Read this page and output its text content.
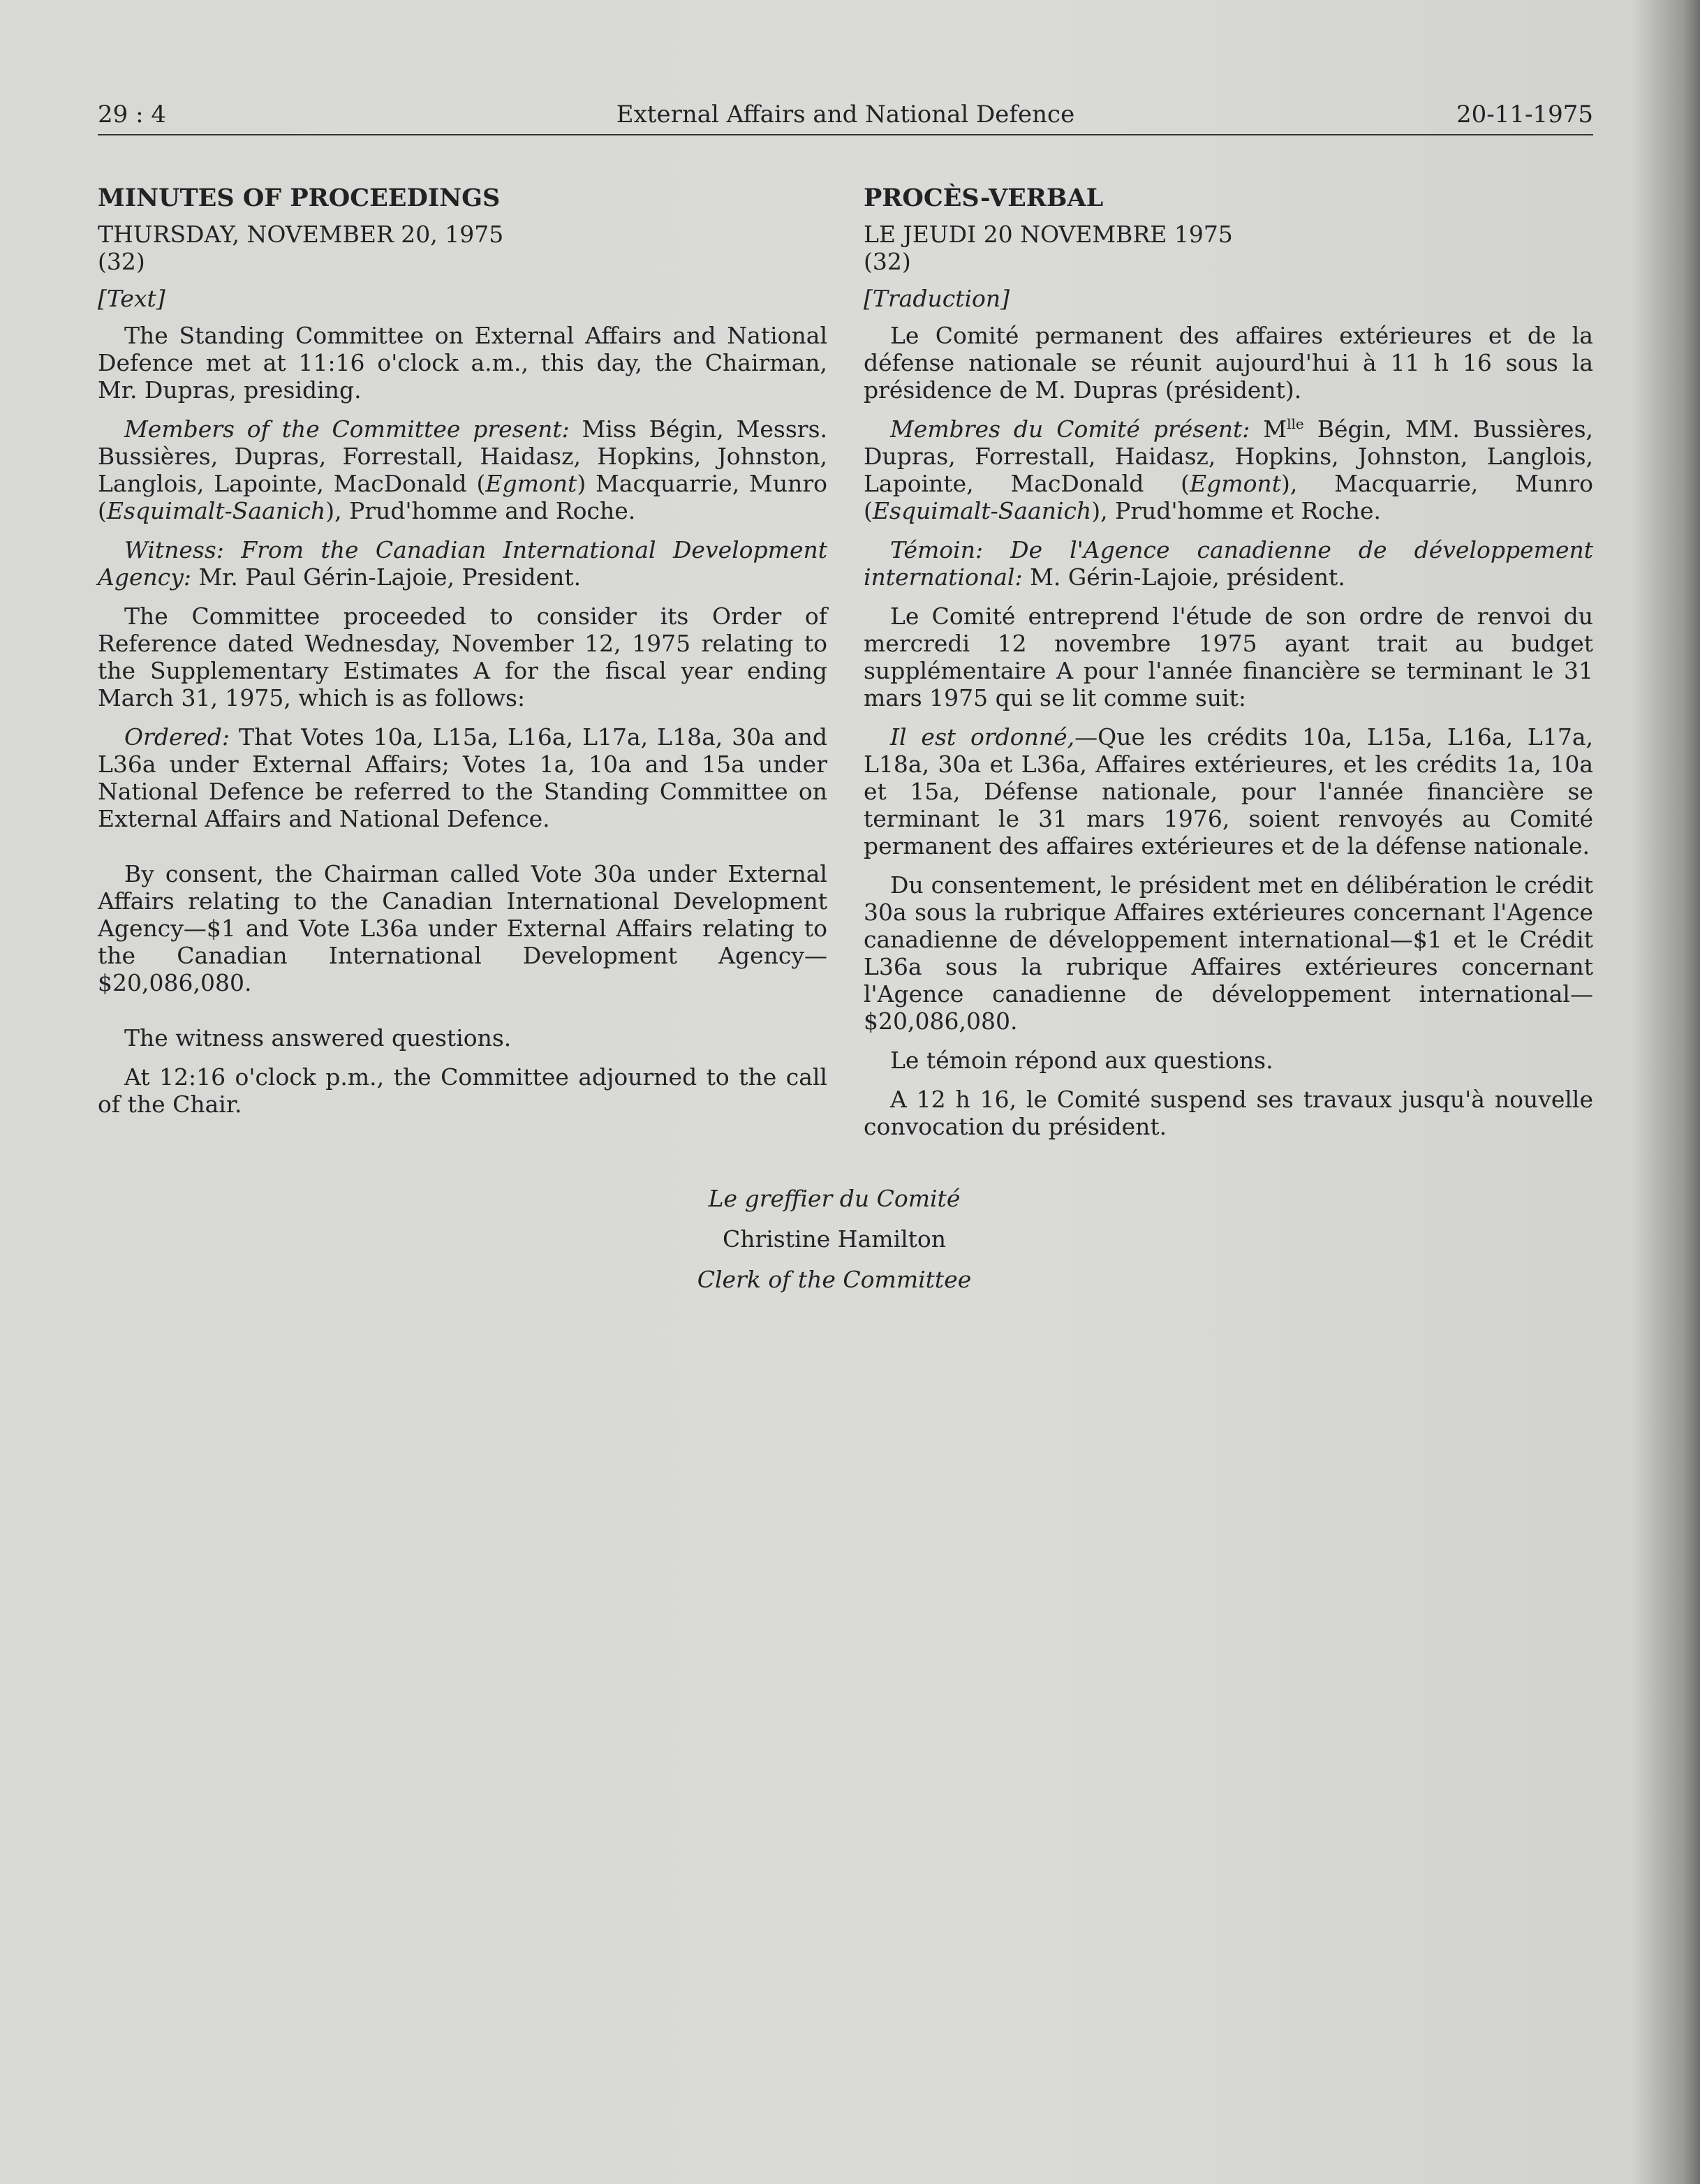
29 : 4	External Affairs and National Defence	20-11-1975
MINUTES OF PROCEEDINGS
THURSDAY, NOVEMBER 20, 1975
(32)
[Text]

The Standing Committee on External Affairs and National Defence met at 11:16 o'clock a.m., this day, the Chairman, Mr. Dupras, presiding.

Members of the Committee present: Miss Bégin, Messrs. Bussières, Dupras, Forrestall, Haidasz, Hopkins, Johnston, Langlois, Lapointe, MacDonald (Egmont) Macquarrie, Munro (Esquimalt-Saanich), Prud'homme and Roche.

Witness: From the Canadian International Development Agency: Mr. Paul Gérin-Lajoie, President.

The Committee proceeded to consider its Order of Reference dated Wednesday, November 12, 1975 relating to the Supplementary Estimates A for the fiscal year ending March 31, 1975, which is as follows:

Ordered: That Votes 10a, L15a, L16a, L17a, L18a, 30a and L36a under External Affairs; Votes 1a, 10a and 15a under National Defence be referred to the Standing Committee on External Affairs and National Defence.

By consent, the Chairman called Vote 30a under External Affairs relating to the Canadian International Development Agency—$1 and Vote L36a under External Affairs relating to the Canadian International Development Agency—$20,086,080.

The witness answered questions.

At 12:16 o'clock p.m., the Committee adjourned to the call of the Chair.

PROCÈS-VERBAL
LE JEUDI 20 NOVEMBRE 1975
(32)
[Traduction]

Le Comité permanent des affaires extérieures et de la défense nationale se réunit aujourd'hui à 11 h 16 sous la présidence de M. Dupras (président).

Membres du Comité présent: $M^{lle}$ Bégin, MM. Bussières, Dupras, Forrestall, Haidasz, Hopkins, Johnston, Langlois, Lapointe, MacDonald (Egmont), Macquarrie, Munro (Esquimalt-Saanich), Prud'homme et Roche.

Témoin: De l'Agence canadienne de développement international: M. Gérin-Lajoie, président.

Le Comité entreprend l'étude de son ordre de renvoi du mercredi 12 novembre 1975 ayant trait au budget supplémentaire A pour l'année financière se terminant le 31 mars 1975 qui se lit comme suit:

Il est ordonné,—Que les crédits 10a, L15a, L16a, L17a, L18a, 30a et L36a, Affaires extérieures, et les crédits 1a, 10a et 15a, Défense nationale, pour l'année financière se terminant le 31 mars 1976, soient renvoyés au Comité permanent des affaires extérieures et de la défense nationale.

Du consentement, le président met en délibération le crédit 30a sous la rubrique Affaires extérieures concernant l'Agence canadienne de développement international—$1 et le Crédit L36a sous la rubrique Affaires extérieures concernant l'Agence canadienne de développement international—$20,086,080.

Le témoin répond aux questions.

A 12 h 16, le Comité suspend ses travaux jusqu'à nouvelle convocation du président.

Le greffier du Comité
Christine Hamilton
Clerk of the Committee
